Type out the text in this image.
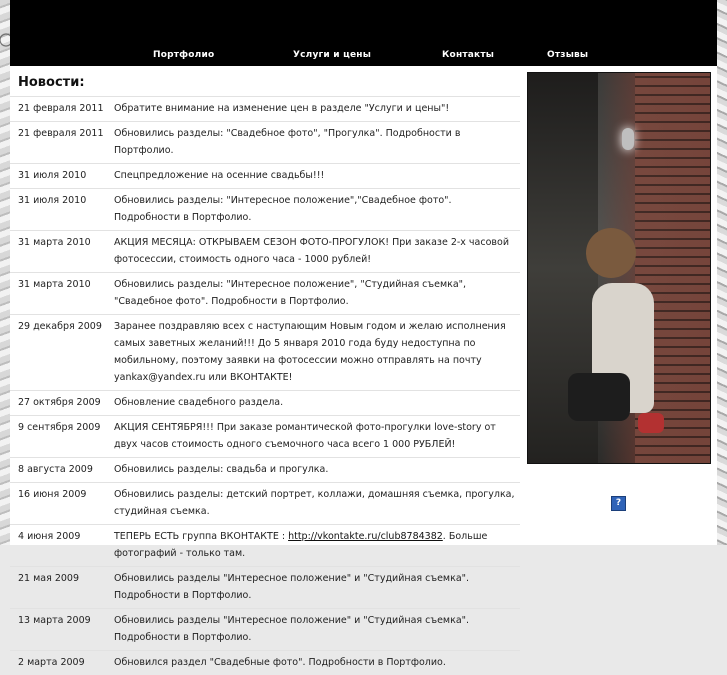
Портфолио	Услуги и цены	Контакты	Отзывы
Новости:
21 февраля 2011	Обратите внимание на изменение цен в разделе "Услуги и цены"!
21 февраля 2011	Обновились разделы: "Свадебное фото", "Прогулка". Подробности в Портфолио.
31 июля 2010	Спецпредложение на осенние свадьбы!!!
31 июля 2010	Обновились разделы: "Интересное положение","Свадебное фото". Подробности в Портфолио.
31 марта 2010	АКЦИЯ МЕСЯЦА: ОТКРЫВАЕМ СЕЗОН ФОТО-ПРОГУЛОК! При заказе 2-х часовой фотосессии, стоимость одного часа - 1000 рублей!
31 марта 2010	Обновились разделы: "Интересное положение", "Студийная съемка", "Свадебное фото". Подробности в Портфолио.
29 декабря 2009	Заранее поздравляю всех с наступающим Новым годом и желаю исполнения самых заветных желаний!!! До 5 января 2010 года буду недоступна по мобильному, поэтому заявки на фотосессии можно отправлять на почту yankax@yandex.ru или ВКОНТАКТЕ!
27 октября 2009	Обновление свадебного раздела.
9 сентября 2009	АКЦИЯ СЕНТЯБРЯ!!! При заказе романтической фото-прогулки love-story от двух часов стоимость одного съемочного часа всего 1 000 РУБЛЕЙ!
8 августа 2009	Обновились разделы: свадьба и прогулка.
16 июня 2009	Обновились разделы: детский портрет, коллажи, домашняя съемка, прогулка, студийная съемка.
4 июня 2009	ТЕПЕРЬ ЕСТЬ группа ВКОНТАКТЕ : http://vkontakte.ru/club8784382. Больше фотографий - только там.
21 мая 2009	Обновились разделы "Интересное положение" и "Студийная съемка". Подробности в Портфолио.
13 марта 2009	Обновились разделы "Интересное положение" и "Студийная съемка". Подробности в Портфолио.
2 марта 2009	Обновился раздел "Свадебные фото". Подробности в Портфолио.
?
